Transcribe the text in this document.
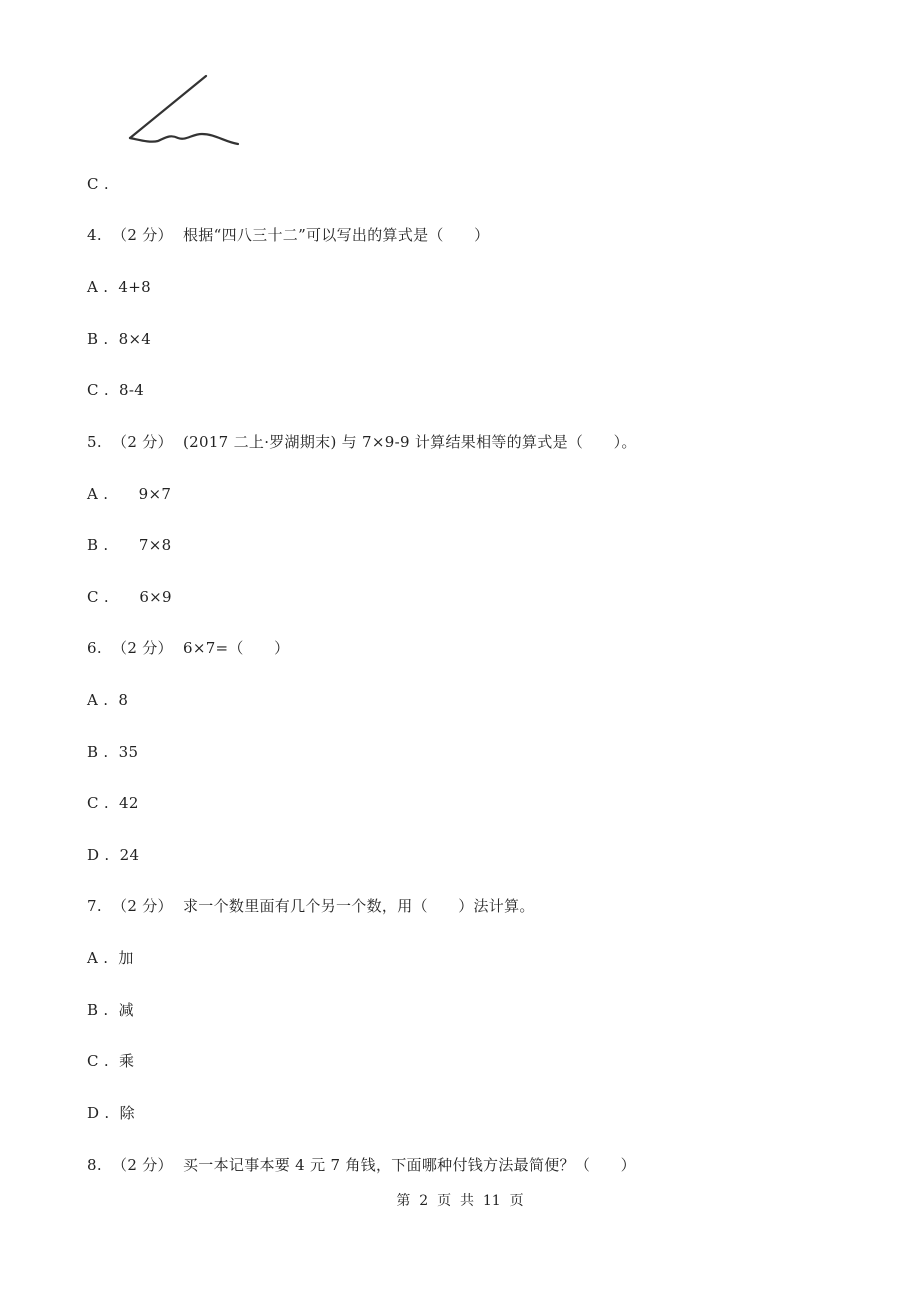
C .
4.  （2 分）  根据“四八三十二”可以写出的算式是（      ）
A .  4+8
B .  8×4
C .  8-4
5.  （2 分）  (2017 二上·罗湖期末) 与 7×9-9 计算结果相等的算式是（      ）。
A .      9×7
B .      7×8
C .      6×9
6.  （2 分）  6×7=（      ）
A .  8
B .  35
C .  42
D .  24
7.  （2 分）  求一个数里面有几个另一个数，用（      ）法计算。
A .  加
B .  减
C .  乘
D .  除
8.  （2 分）  买一本记事本要 4 元 7 角钱，下面哪种付钱方法最简便？（      ）
第  2  页  共  11  页
